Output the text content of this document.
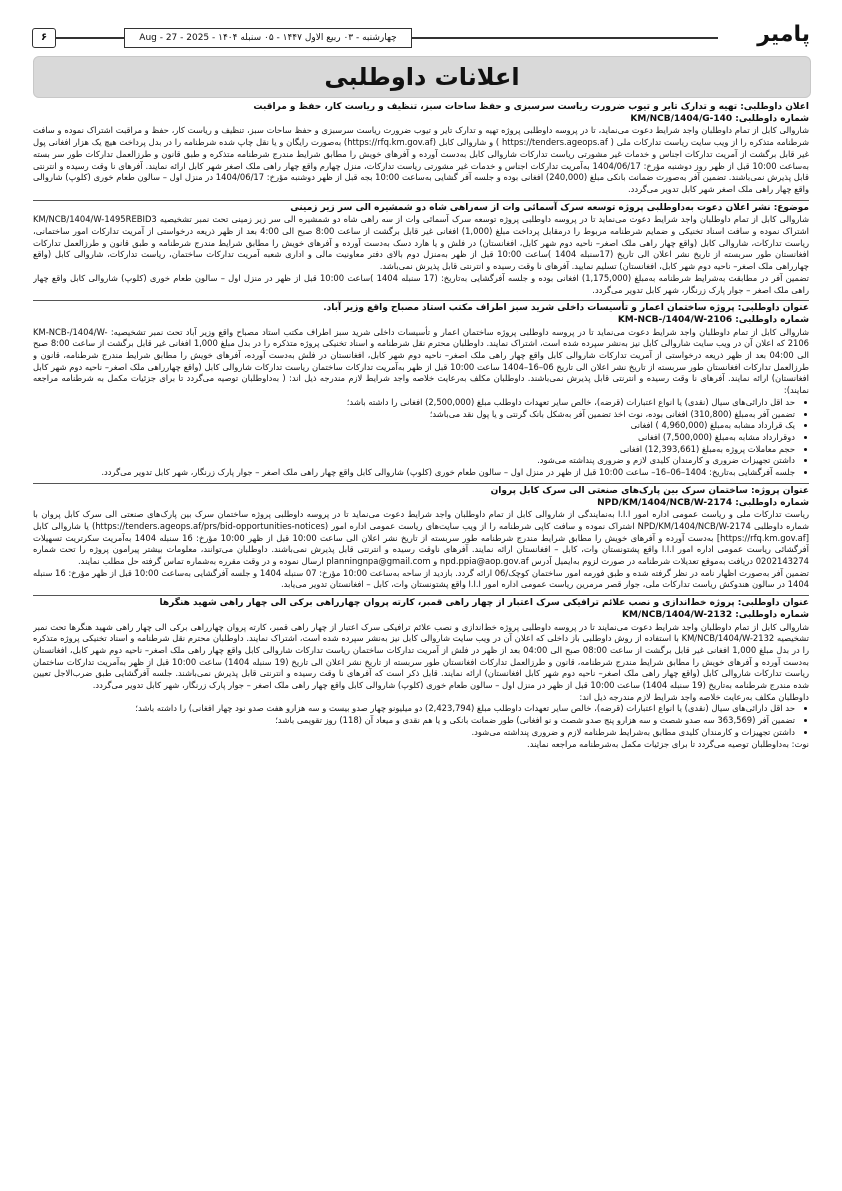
پامیر
چهارشنبه - ۰۳ ربیع الاول ۱۴۴۷ - ۰۵ سنبله ۱۴۰۴ - Aug - 27 - 2025
۶
اعلانات داوطلبی
اعلان داوطلبی: تهیه و تدارک تایر و تیوب ضرورت ریاست سرسبزی و حفظ ساحات سبز، تنظیف و ریاست کار، حفظ و مراقبت
شماره داوطلبی: KM/NCB/1404/G-140

شاروالی کابل از تمام داوطلبان واجد شرایط دعوت می‌نماید، تا در پروسه داوطلبی پروژه تهیه و تدارک تایر و تیوب ضرورت ریاست سرسبزی و حفظ ساحات سبز، تنظیف و ریاست کار، حفظ و مراقبت اشتراک نموده و سافت شرطنامه متذکره را از ویب سایت ریاست تدارکات ملی ( https://tenders.ageops.af ) و شاروالی کابل (https://rfq.km.gov.af) به‌صورت رایگان و یا نقل چاپ شده شرطنامه را در بدل پرداخت هیچ یک هزار افغانی پول غیر قابل برگشت از آمریت تدارکات اجناس و خدمات غیر مشورتی ریاست تدارکات شاروالی کابل به‌دست آورده و آفرهای خویش را مطابق شرایط مندرج شرطنامه متذکره و طبق قانون و طرزالعمل تدارکات طور سر بسته به‌ساعت 10:00 قبل از ظهر روز دوشنبه مؤرخ: 1404/06/17 به‌آمریت تدارکات اجناس و خدمات غیر مشورتی ریاست تدارکات، منزل چهارم واقع چهار راهی ملک اصغر شهر کابل ارائه نمایند. آفرهای نا وقت رسیده و انترنتی قابل پذیرش نمی‌باشند. تضمین آفر به‌صورت ضمانت بانکی مبلغ (240,000) افغانی بوده و جلسه آفر گشایی به‌ساعت 10:00 بجه قبل از ظهر دوشنبه مؤرخ: 1404/06/17 در منزل اول – سالون طعام خوری (کلوپ) شاروالی واقع چهار راهی ملک اصغر شهر کابل تدویر می‌گردد.

موضوع: نشر اعلان دعوت به‌داوطلبی پروژه توسعه سرک آسمائی وات از سه‌راهی شاه دو شمشیره الی سر زیر زمینی

شاروالی کابل از تمام داوطلبان واجد شرایط دعوت می‌نماید تا در پروسه داوطلبی پروژه توسعه سرک آسمائی وات از سه راهی شاه دو شمشیره الی سر زیر زمینی تحت نمبر تشخیصیه KM/NCB/1404/W-1495REBID3 اشتراک نموده و سافت اسناد تخنیکی و ضمایم شرطنامه مربوط را درمقابل پرداخت مبلغ (1,000) افغانی غیر قابل برگشت از ساعت 8:00 صبح الی 4:00 بعد از ظهر ذریعه درخواستی از آمریت تدارکات امور ساختمانی، ریاست تدارکات، شاروالی کابل (واقع چهار راهی ملک اصغر– ناحیه دوم شهر کابل، افغانستان) در فلش و یا هارد دسک به‌دست آورده و آفرهای خویش را مطابق شرایط مندرج شرطنامه و طبق قانون و طرزالعمل تدارکات افغانستان طور سربسته از تاریخ نشر اعلان الی تاریخ (17سنبله 1404 )ساعت 10:00 قبل از ظهر به‌منزل دوم بالای دفتر معاونیت مالی و اداری شعبه آمریت تدارکات ساختمان، ریاست تدارکات، شاروالی کابل (واقع چهارراهی ملک اصغر– ناحیه دوم شهر کابل، افغانستان) تسلیم نمایید. آفرهای نا وقت رسیده و انترنتی قابل پذیرش نمی‌باشد.

تضمین آفر در مطابقت به‌شرایط شرطنامه به‌مبلغ (1,175,000) افغانی بوده و جلسه آفرگشایی به‌تاریخ: (17 سنبله 1404 )ساعت 10:00 قبل از ظهر در منزل اول – سالون طعام خوری (کلوپ) شاروالی کابل واقع چهار راهی ملک اصغر – جوار پارک زرنگار، شهر کابل تدویر می‌گردد.

عنوان داوطلبی: پروژه ساختمان اعمار و تأسیسات داخلی شرید سبز اطراف مکتب استاد مصباح واقع وزیر آباد.
شماره داوطلبی: KM-NCB-/1404/W-2106

شاروالی کابل از تمام داوطلبان واجد شرایط دعوت می‌نماید تا در پروسه داوطلبی پروژه ساختمان اعمار و تأسیسات داخلی شرید سبز اطراف مکتب استاد مصباح واقع وزیر آباد تحت نمبر تشخیصیه: KM-NCB-/1404/W-2106 که اعلان آن در ویب سایت شاروالی کابل نیز به‌نشر سپرده شده است، اشتراک نمایند. داوطلبان محترم نقل شرطنامه و اسناد تخنیکی پروژه متذکره را در بدل مبلغ 1,000 افغانی غیر قابل برگشت از ساعت 8:00 صبح الی 04:00 بعد از ظهر ذریعه درخواستی از آمریت تدارکات شاروالی کابل واقع چهار راهی ملک اصغر– ناحیه دوم شهر کابل، افغانستان در فلش به‌دست آورده، آفرهای خویش را مطابق شرایط مندرج شرطنامه، قانون و طرزالعمل تدارکات افغانستان طور سربسته از تاریخ نشر اعلان الی تاریخ 06–16–1404 ساعت 10:00 قبل از ظهر به‌آمریت تدارکات ساختمان ریاست تدارکات شاروالی کابل (واقع چهارراهی ملک اصغر– ناحیه دوم شهر کابل افغانستان) ارائه نمایند. آفرهای نا وقت رسیده و انترنتی قابل پذیرش نمی‌باشند. داوطلبان مکلف به‌رعایت خلاصه واجد شرایط لازم مندرجه ذیل اند: ( به‌داوطلبان توصیه می‌گردد تا برای جزئیات مکمل به شرطنامه مراجعه نمایند):

• حد اقل دارائی‌های سیال (نقدی) یا انواع اعتبارات (قرضه)، خالص سایر تعهدات داوطلب مبلغ (2,500,000) افغانی را داشته باشد؛
• تضمین آفر به‌مبلغ (310,800) افغانی بوده، نوت اخذ تضمین آفر به‌شکل بانک گرنتی و یا پول نقد می‌باشد؛
• یک قرارداد مشابه به‌مبلغ (4,960,000 ) افغانی
• دوقرارداد مشابه به‌مبلغ (7,500,000) افغانی
• حجم معاملات پروژه به‌مبلغ (12,393,661) افغانی
• داشتن تجهیزات ضروری و کارمندان کلیدی لازم و ضروری پنداشته می‌شود.
• جلسه آفرگشایی به‌تاریخ: 1404–06–16– ساعت 10:00 قبل از ظهر در منزل اول – سالون طعام خوری (کلوپ) شاروالی کابل واقع چهار راهی ملک اصغر – جوار پارک زرنگار، شهر کابل تدویر می‌گردد.
عنوان پروژه: ساختمان سرک بین پارک‌های صنعتی الی سرک کابل پروان
شماره داوطلبی: NPD/KM/1404/NCB/W-2174

ریاست تدارکات ملی و ریاست عمومی اداره امور ا.ا.ا به‌نمایندگی از شاروالی کابل از تمام داوطلبان واجد شرایط دعوت می‌نماید تا در پروسه داوطلبی پروژه ساختمان سرک بین پارک‌های صنعتی الی سرک کابل پروان با شماره داوطلبی NPD/KM/1404/NCB/W-2174 اشتراک نموده و سافت کاپی شرطنامه را از ویب سایت‌های ریاست عمومی اداره امور (https://tenders.ageops.af/prs/bid-opportunities-notices) یا شاروالی کابل [https://rfq.km.gov.af] به‌دست آورده و آفرهای خویش را مطابق شرایط مندرج شرطنامه طور سربسته از تاریخ نشر اعلان الی ساعت 10:00 قبل از ظهر 10:00 مؤرخ: 16 سنبله 1404 به‌آمریت سکرتریت تسهیلات آفرگشائی ریاست عمومی اداره امور ا.ا.ا واقع پشتونستان وات، کابل – افغانستان ارائه نمایند. آفرهای ناوقت رسیده و انترنتی قابل پذیرش نمی‌باشند. داوطلبان می‌توانند، معلومات بیشتر پیرامون پروژه را تحت شماره 0202143274 دریافت به‌موقع تعدیلات شرطنامه در صورت لزوم به‌ایمیل آدرس npd.ppia@aop.gov.af و planningnpa@gmail.com ارسال نموده و در وقت مقرره به‌شماره تماس گرفته حل مطلب نمایند.

تضمین آفر به‌صورت اظهار نامه در نظر گرفته شده و طبق فورمه امور ساختمان کوچک/06 ارائه گردد. بازدید از ساحه به‌ساعت 10:00 مؤرخ: 07 سنبله 1404 و جلسه آفرگشایی به‌ساعت 10:00 قبل از ظهر مؤرخ: 16 سنبله 1404 در سالون هندوکش ریاست تدارکات ملی، جوار قصر مرمرین ریاست عمومی اداره امور ا.ا.ا واقع پشتونستان وات، کابل – افغانستان تدویر می‌یابد.

عنوان داوطلبی: پروژه خط‌اندازی و نصب علائم ترافیکی سرک اعتبار از چهار راهی قمبر، کارته پروان چهارراهی برکی الی چهار راهی شهید هنگرها
شماره داوطلبی: KM/NCB/1404/W-2132

شاروالی کابل از تمام داوطلبان واجد شرایط دعوت می‌نمایند تا در پروسه داوطلبی پروژه خط‌اندازی و نصب علائم ترافیکی سرک اعتبار از چهار راهی قمبر، کارته پروان چهارراهی برکی الی چهار راهی شهید هنگرها تحت نمبر تشخیصیه KM/NCB/1404/W-2132 با استفاده از روش داوطلبی باز داخلی که اعلان آن در ویب سایت شاروالی کابل نیز به‌نشر سپرده شده است، اشتراک نمایند. داوطلبان محترم نقل شرطنامه و اسناد تخنیکی پروژه متذکره را در بدل مبلغ 1,000 افغانی غیر قابل برگشت از ساعت 08:00 صبح الی 04:00 بعد از ظهر در فلش از آمریت تدارکات ساختمان ریاست تدارکات شاروالی کابل واقع چهار راهی ملک اصغر– ناحیه دوم شهر کابل، افغانستان به‌دست آورده و آفرهای خویش را مطابق شرایط مندرج شرطنامه، قانون و طرزالعمل تدارکات افغانستان طور سربسته از تاریخ نشر اعلان الی تاریخ (19 سنبله 1404) ساعت 10:00 قبل از ظهر به‌آمریت تدارکات ساختمان ریاست تدارکات شاروالی کابل (واقع چهار راهی ملک اصغر– ناحیه دوم شهر کابل افغانستان) ارائه نمایند. قابل ذکر است که آفرهای نا وقت رسیده و انترنتی قابل پذیرش نمی‌باشند. جلسه آفرگشایی طبق ضرب‌الاجل تعیین شده مندرج شرطنامه به‌تاریخ (19 سنبله 1404) ساعت 10:00 قبل از ظهر در منزل اول – سالون طعام خوری (کلوپ) شاروالی کابل واقع چهار راهی ملک اصغر – جوار پارک زرنگار، شهر کابل تدویر می‌گردد.

داوطلبان مکلف به‌رعایت خلاصه واجد شرایط لازم مندرجه ذیل اند:

• حد اقل دارائی‌های سیال (نقدی) یا انواع اعتبارات (قرضه)، خالص سایر تعهدات داوطلب مبلغ (2,423,794) دو میلیونو چهار صدو بیست و سه هزارو هفت صدو نود چهار افغانی) را داشته باشد؛
• تضمین آفر (363,569 سه صدو شصت و سه هزارو پنج صدو شصت و نو افغانی) طور ضمانت بانکی و یا هم نقدی و میعاد آن (118) روز تقویمی باشد؛
• داشتن تجهیزات و کارمندان کلیدی مطابق به‌شرایط شرطنامه لازم و ضروری پنداشته می‌شود.

نوت: به‌داوطلبان توصیه می‌گردد تا برای جزئیات مکمل به‌شرطنامه مراجعه نمایند.
